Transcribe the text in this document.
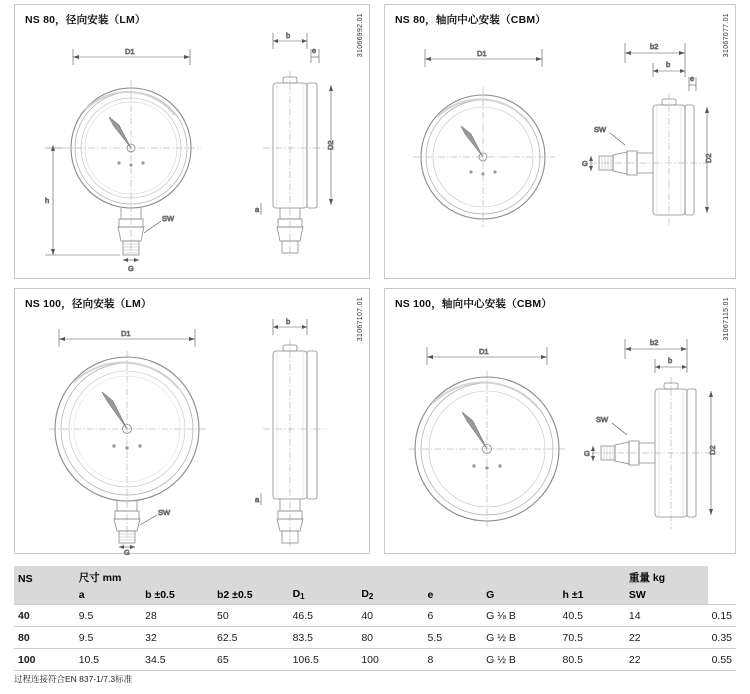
NS 80，径向安装（LM）	31066992.01
D1
SW
G
h
b
e
D2
a
NS 80，轴向中心安装（CBM）	31067077.01
D1
b2
b
e
SW
G
D2
NS 100，径向安装（LM）	31067107.01
D1
SW
G
b
a
NS 100，轴向中心安装（CBM）	31067115.01
D1
b2
b
SW
G	D2
NS	尺寸 mm								重量 kg	
	a	b ±0.5	b2 ±0.5	$D_1$	$D_2$	e	G	h ±1	SW	
40	9.5	28	50	46.5	40	6	G ⅛ B	40.5	14	0.15
80	9.5	32	62.5	83.5	80	5.5	G ½ B	70.5	22	0.35
100	10.5	34.5	65	106.5	100	8	G ½ B	80.5	22	0.55
过程连接符合EN 837-1/7.3标准
